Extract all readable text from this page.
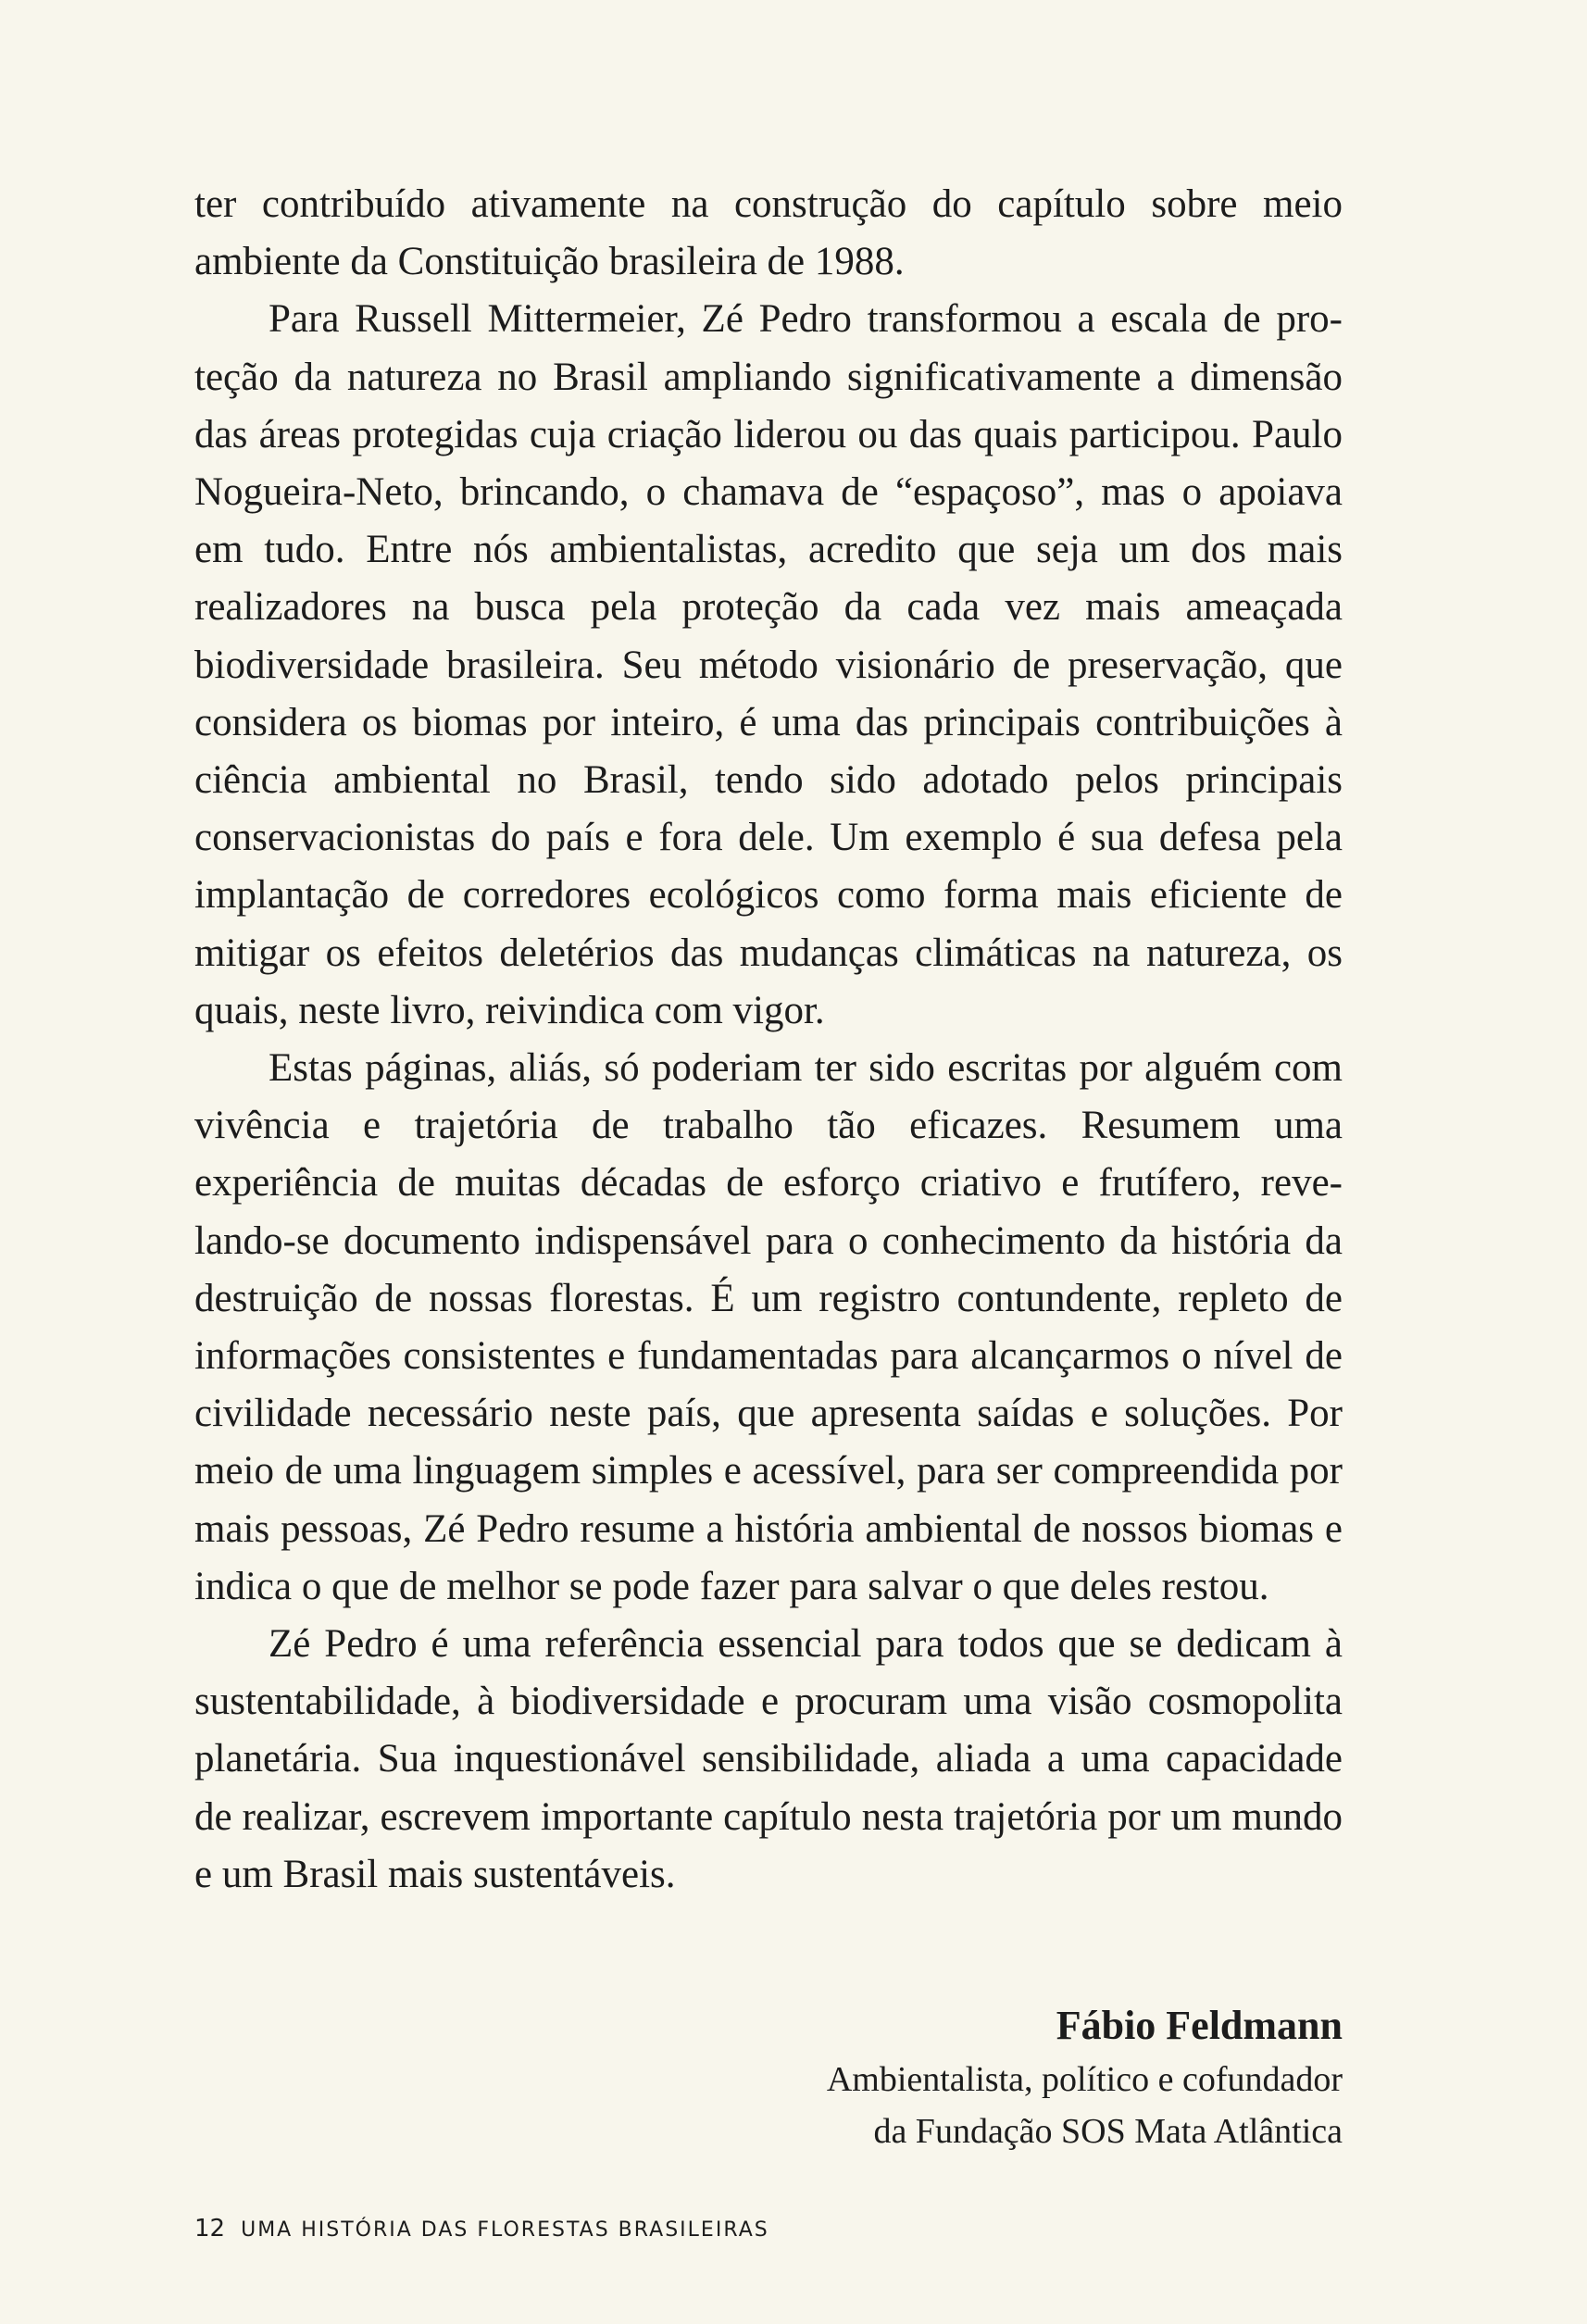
ter contribuído ativamente na construção do capítulo sobre meio ambiente da Constituição brasileira de 1988.

Para Russell Mittermeier, Zé Pedro transformou a escala de proteção da natureza no Brasil ampliando significativamente a dimensão das áreas protegidas cuja criação liderou ou das quais participou. Paulo Nogueira-Neto, brincando, o chamava de “espaçoso”, mas o apoiava em tudo. Entre nós ambientalistas, acredito que seja um dos mais realizadores na busca pela proteção da cada vez mais ameaçada biodiversidade brasileira. Seu método visionário de preservação, que considera os biomas por inteiro, é uma das principais contribuições à ciência ambiental no Brasil, tendo sido adotado pelos principais conservacionistas do país e fora dele. Um exemplo é sua defesa pela implantação de corredores ecológicos como forma mais eficiente de mitigar os efeitos deletérios das mudanças climáticas na natureza, os quais, neste livro, reivindica com vigor.

Estas páginas, aliás, só poderiam ter sido escritas por alguém com vivência e trajetória de trabalho tão eficazes. Resumem uma experiência de muitas décadas de esforço criativo e frutífero, revelando-se documento indispensável para o conhecimento da história da destruição de nossas florestas. É um registro contundente, repleto de informações consistentes e fundamentadas para alcançarmos o nível de civilidade necessário neste país, que apresenta saídas e soluções. Por meio de uma linguagem simples e acessível, para ser compreendida por mais pessoas, Zé Pedro resume a história ambiental de nossos biomas e indica o que de melhor se pode fazer para salvar o que deles restou.

Zé Pedro é uma referência essencial para todos que se dedicam à sustentabilidade, à biodiversidade e procuram uma visão cosmopolita planetária. Sua inquestionável sensibilidade, aliada a uma capacidade de realizar, escrevem importante capítulo nesta trajetória por um mundo e um Brasil mais sustentáveis.

Fábio Feldmann
Ambientalista, político e cofundador
da Fundação SOS Mata Atlântica
12 UMA HISTÓRIA DAS FLORESTAS BRASILEIRAS
